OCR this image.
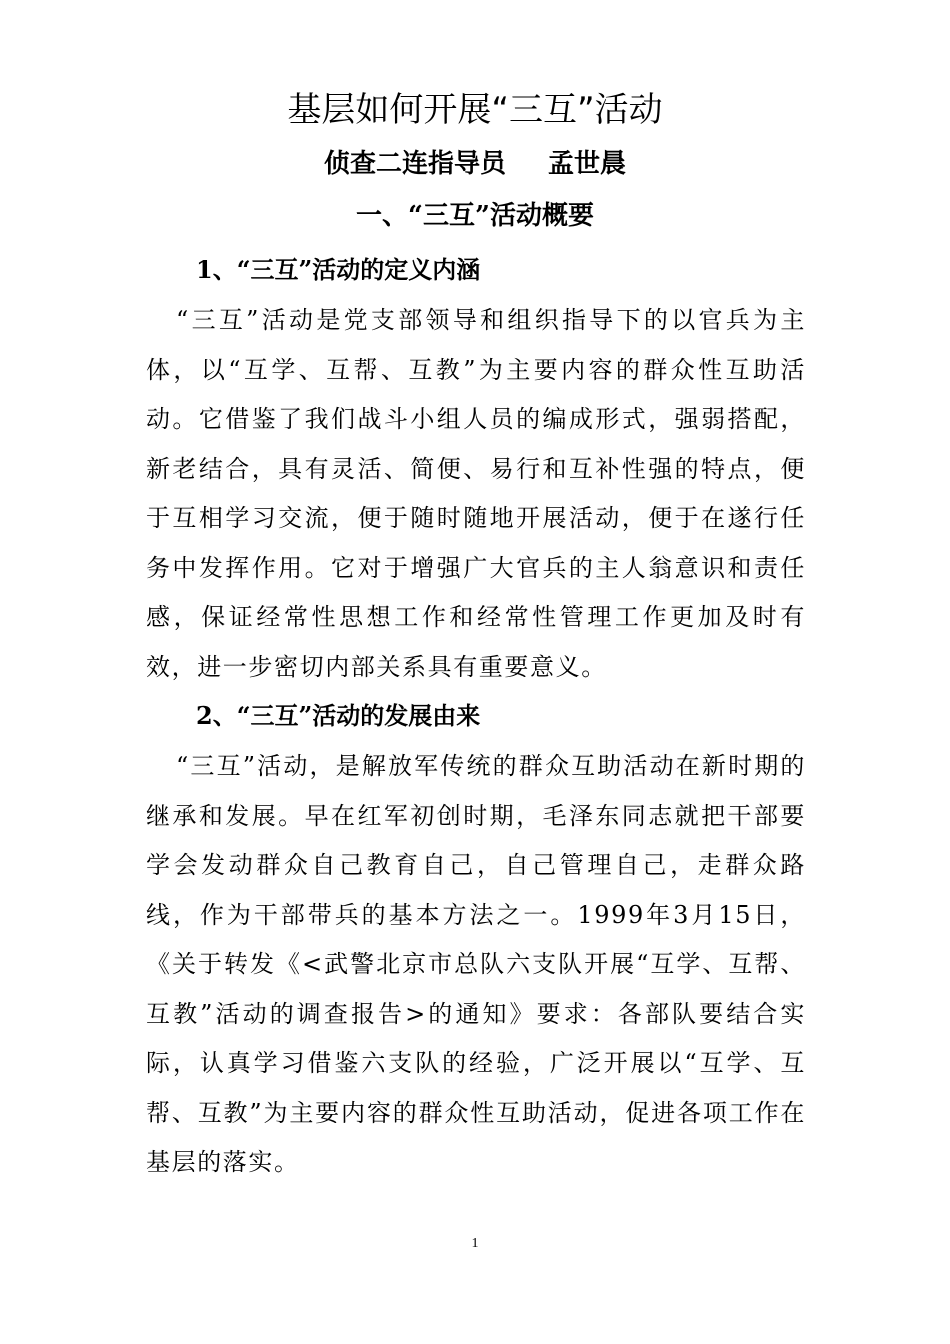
基层如何开展“三互”活动

侦查二连指导员 孟世晨

一、“三互”活动概要
1、“三互”活动的定义内涵

“三互”活动是党支部领导和组织指导下的以官兵为主体，以“互学、互帮、互教”为主要内容的群众性互助活动。它借鉴了我们战斗小组人员的编成形式，强弱搭配，新老结合，具有灵活、简便、易行和互补性强的特点，便于互相学习交流，便于随时随地开展活动，便于在遂行任务中发挥作用。它对于增强广大官兵的主人翁意识和责任感，保证经常性思想工作和经常性管理工作更加及时有效，进一步密切内部关系具有重要意义。

2、“三互”活动的发展由来

“三互”活动，是解放军传统的群众互助活动在新时期的继承和发展。早在红军初创时期，毛泽东同志就把干部要学会发动群众自己教育自己，自己管理自己，走群众路线，作为干部带兵的基本方法之一。1999年3月15日，《关于转发《<武警北京市总队六支队开展“互学、互帮、互教”活动的调查报告>的通知》要求：各部队要结合实际，认真学习借鉴六支队的经验，广泛开展以“互学、互帮、互教”为主要内容的群众性互助活动，促进各项工作在基层的落实。

1
